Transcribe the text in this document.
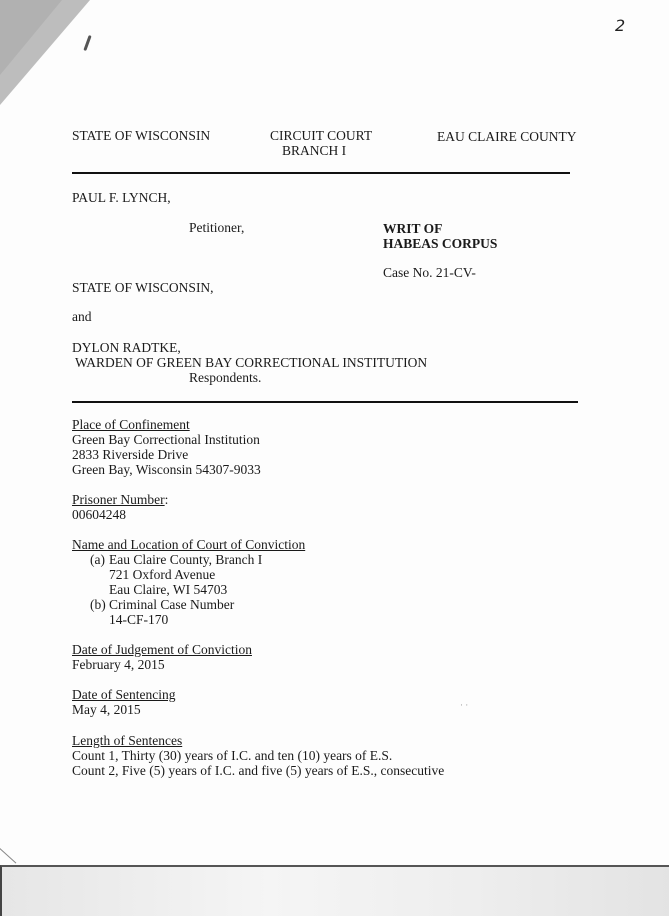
2
STATE OF WISCONSIN	CIRCUIT COURT
BRANCH I
EAU CLAIRE COUNTY
PAUL F. LYNCH,
Petitioner,	WRIT OF
HABEAS CORPUS
Case No. 21-CV-
STATE OF WISCONSIN,
and
DYLON RADTKE,
WARDEN OF GREEN BAY CORRECTIONAL INSTITUTION
Respondents.
Place of Confinement
Green Bay Correctional Institution
2833 Riverside Drive
Green Bay, Wisconsin 54307-9033
Prisoner Number:
00604248
Name and Location of Court of Conviction
(a) Eau Claire County, Branch I
721 Oxford Avenue
Eau Claire, WI 54703
(b) Criminal Case Number
14-CF-170
Date of Judgement of Conviction
February 4, 2015
Date of Sentencing
May 4, 2015
Length of Sentences
Count 1, Thirty (30) years of I.C. and ten (10) years of E.S.
Count 2, Five (5) years of I.C. and five (5) years of E.S., consecutive
· ·
